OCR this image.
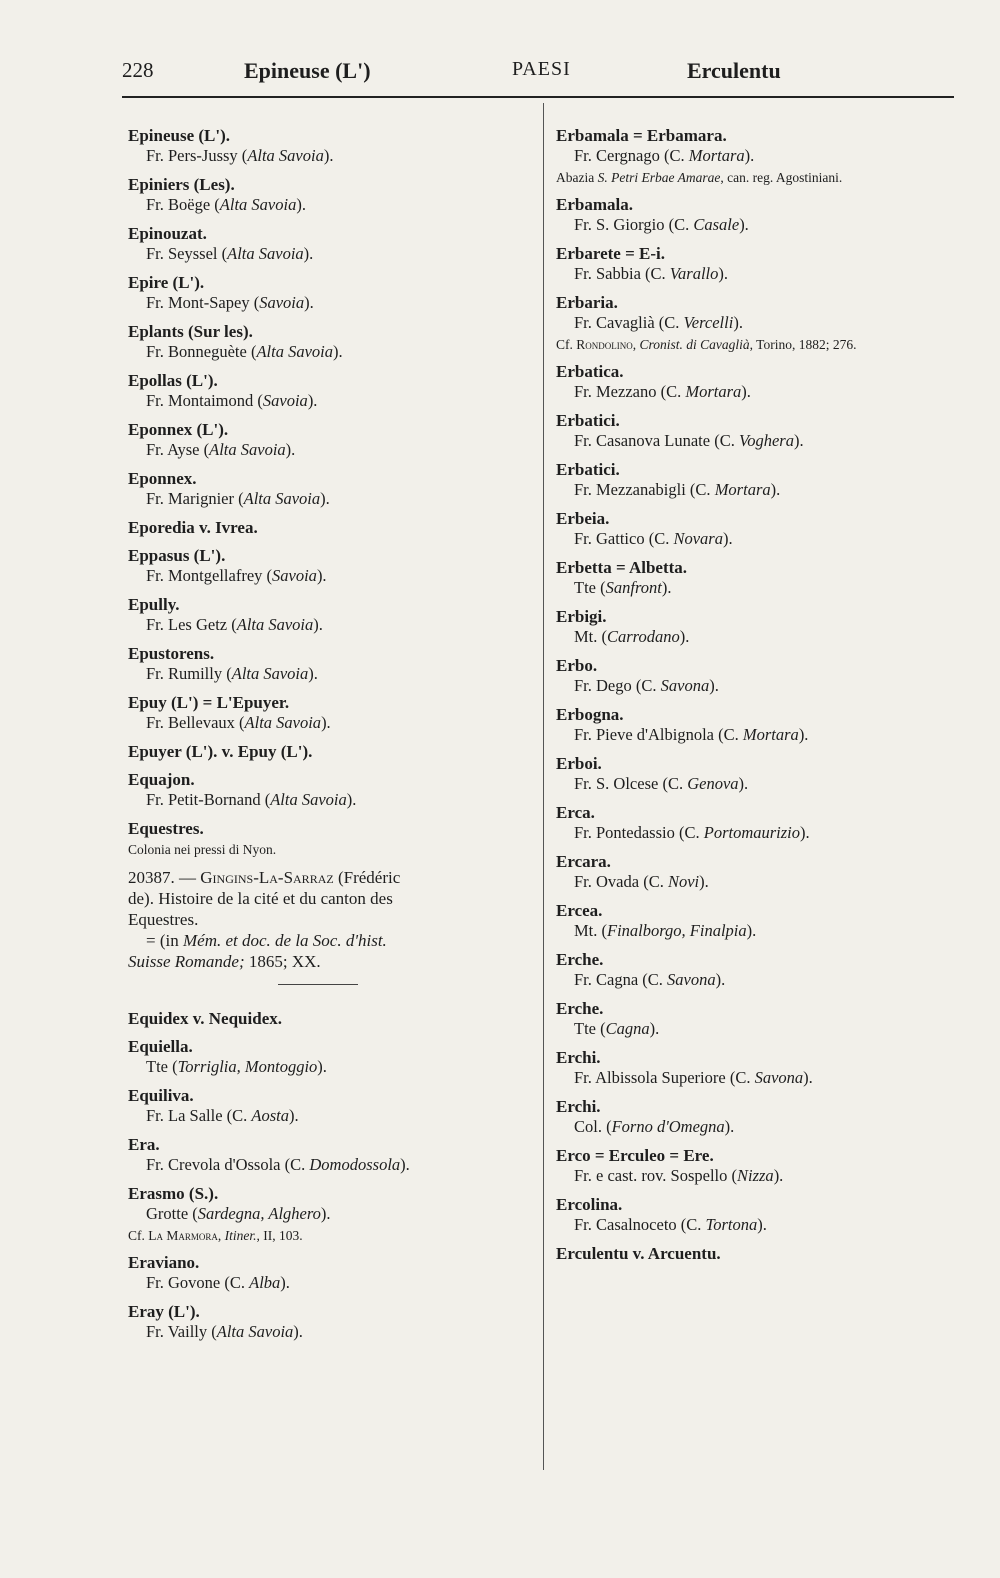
228	Epineuse (L')	PAESI	Erculentu
Epineuse (L').
Fr. Pers-Jussy (Alta Savoia).
Epiniers (Les).
Fr. Boëge (Alta Savoia).
Epinouzat.
Fr. Seyssel (Alta Savoia).
Epire (L').
Fr. Mont-Sapey (Savoia).
Eplants (Sur les).
Fr. Bonneguète (Alta Savoia).
Epollas (L').
Fr. Montaimond (Savoia).
Eponnex (L').
Fr. Ayse (Alta Savoia).
Eponnex.
Fr. Marignier (Alta Savoia).
Eporedia v. Ivrea.
Eppasus (L').
Fr. Montgellafrey (Savoia).
Epully.
Fr. Les Getz (Alta Savoia).
Epustorens.
Fr. Rumilly (Alta Savoia).
Epuy (L') = L'Epuyer.
Fr. Bellevaux (Alta Savoia).
Epuyer (L'). v. Epuy (L').
Equajon.
Fr. Petit-Bornand (Alta Savoia).
Equestres.
Colonia nei pressi di Nyon.
20387. — Gingins-La-Sarraz (Frédéric
de). Histoire de la cité et du canton des
Equestres.
= (in Mém. et doc. de la Soc. d'hist.
Suisse Romande; 1865; XX.
Equidex v. Nequidex.
Equiella.
Tte (Torriglia, Montoggio).
Equiliva.
Fr. La Salle (C. Aosta).
Era.
Fr. Crevola d'Ossola (C. Domodossola).
Erasmo (S.).
Grotte (Sardegna, Alghero).
Cf. La Marmora, Itiner., II, 103.
Eraviano.
Fr. Govone (C. Alba).
Eray (L').
Fr. Vailly (Alta Savoia).
Erbamala = Erbamara.
Fr. Cergnago (C. Mortara).
Abazia S. Petri Erbae Amarae, can. reg. Agostiniani.
Erbamala.
Fr. S. Giorgio (C. Casale).
Erbarete = E-i.
Fr. Sabbia (C. Varallo).
Erbaria.
Fr. Cavaglià (C. Vercelli).
Cf. Rondolino, Cronist. di Cavaglià, Torino, 1882; 276.
Erbatica.
Fr. Mezzano (C. Mortara).
Erbatici.
Fr. Casanova Lunate (C. Voghera).
Erbatici.
Fr. Mezzanabigli (C. Mortara).
Erbeia.
Fr. Gattico (C. Novara).
Erbetta = Albetta.
Tte (Sanfront).
Erbigi.
Mt. (Carrodano).
Erbo.
Fr. Dego (C. Savona).
Erbogna.
Fr. Pieve d'Albignola (C. Mortara).
Erboi.
Fr. S. Olcese (C. Genova).
Erca.
Fr. Pontedassio (C. Portomaurizio).
Ercara.
Fr. Ovada (C. Novi).
Ercea.
Mt. (Finalborgo, Finalpia).
Erche.
Fr. Cagna (C. Savona).
Erche.
Tte (Cagna).
Erchi.
Fr. Albissola Superiore (C. Savona).
Erchi.
Col. (Forno d'Omegna).
Erco = Erculeo = Ere.
Fr. e cast. rov. Sospello (Nizza).
Ercolina.
Fr. Casalnoceto (C. Tortona).
Erculentu v. Arcuentu.
